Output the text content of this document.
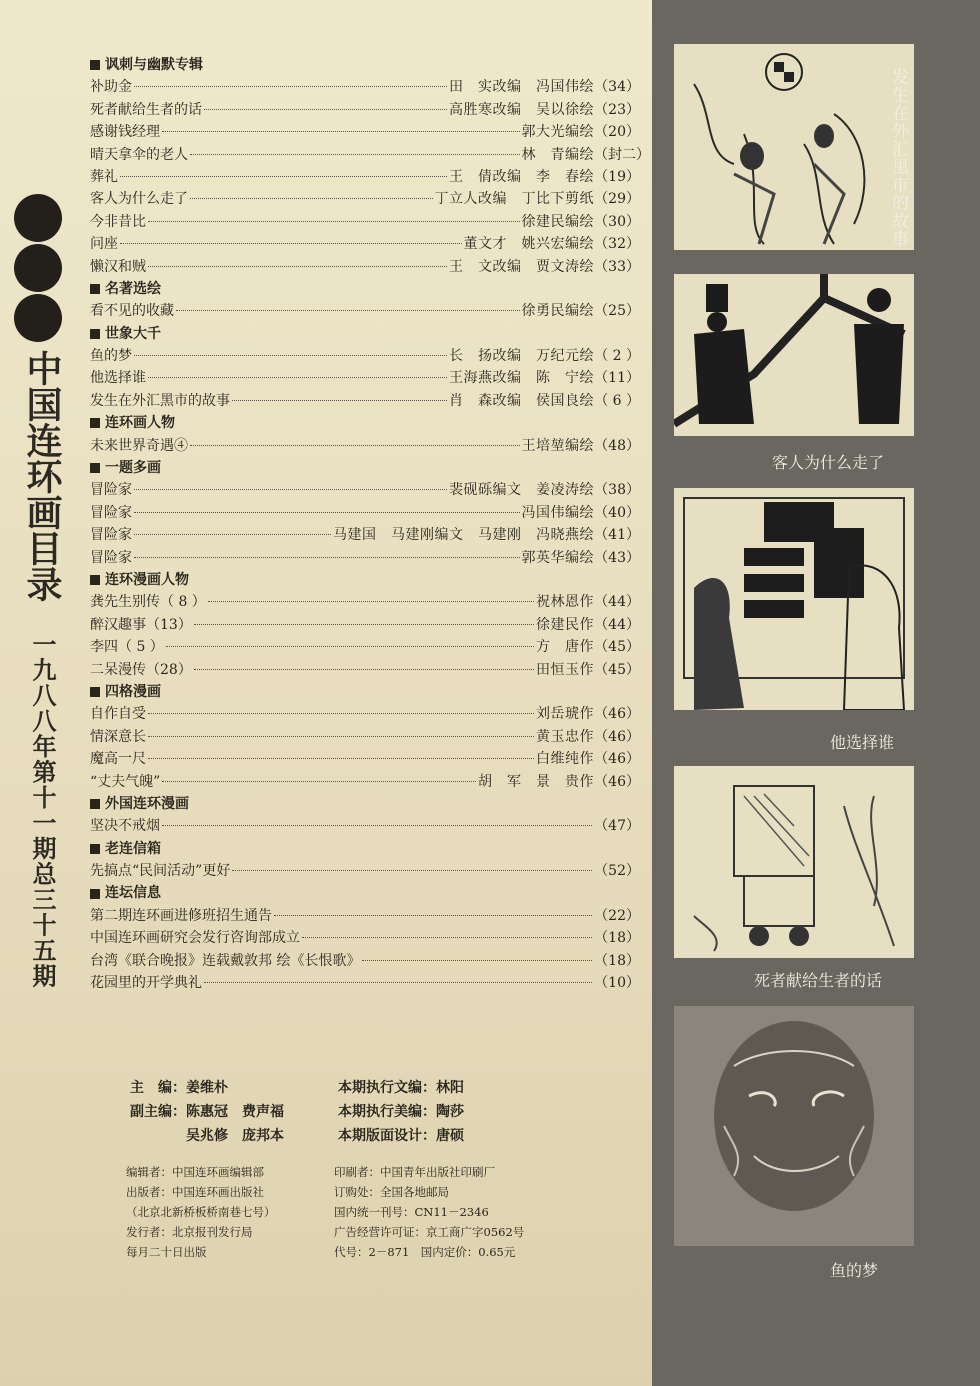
中国连环画目录
一九八八年第十一期总三十五期
讽刺与幽默专辑
补助金	田　实改编　冯国伟绘 （34）
死者献给生者的话	高胜寒改编　吴以徐绘 （23）
感谢钱经理	郭大光编绘 （20）
晴天拿伞的老人	林　青编绘 （封二）
葬礼	王　倩改编　李　春绘 （19）
客人为什么走了	丁立人改编　丁比下剪纸 （29）
今非昔比	徐建民编绘 （30）
问座	董文才　姚兴宏编绘 （32）
懒汉和贼	王　文改编　贾文涛绘 （33）
名著选绘
看不见的收藏	徐勇民编绘 （25）
世象大千
鱼的梦	长　扬改编　万纪元绘 （ 2 ）
他选择谁	王海燕改编　陈　宁绘 （11）
发生在外汇黑市的故事	肖　森改编　侯国良绘 （ 6 ）
连环画人物
未来世界奇遇④	王培堃编绘 （48）
一题多画
冒险家	裴砚砾编文　姜凌涛绘 （38）
冒险家	冯国伟编绘 （40）
冒险家	马建国　马建刚编文　马建刚　冯晓燕绘 （41）
冒险家	郭英华编绘 （43）
连环漫画人物
龚先生别传（ 8 ）	祝林恩作 （44）
醉汉趣事（13）	徐建民作 （44）
李四（ 5 ）	方　唐作 （45）
二呆漫传（28）	田恒玉作 （45）
四格漫画
自作自受	刘岳琥作 （46）
情深意长	黄玉忠作 （46）
魔高一尺	白维纯作 （46）
“丈夫气魄”	胡　军　景　贵作 （46）
外国连环漫画
坚决不戒烟	（47）
老连信箱
先搞点“民间活动”更好	（52）
连坛信息
第二期连环画进修班招生通告	（22）
中国连环画研究会发行咨询部成立	（18）
台湾《联合晚报》连载戴敦邦 绘《长恨歌》	（18）
花园里的开学典礼	（10）
主　编：姜维朴	本期执行文编：林阳
副主编：陈惠冠　费声福	本期执行美编：陶莎
　　　　吴兆修　庞邦本	本期版面设计：唐硕
编辑者：中国连环画编辑部	印刷者：中国青年出版社印刷厂
出版者：中国连环画出版社	订购处：全国各地邮局
（北京北新桥板桥南巷七号）	国内统一刊号：CN11－2346
发行者：北京报刊发行局	广告经营许可证：京工商广字0562号
每月二十日出版	代号：2－871　国内定价：0.65元
发生在外汇黑市的故事
客人为什么走了
他选择谁
死者献给生者的话
鱼的梦
